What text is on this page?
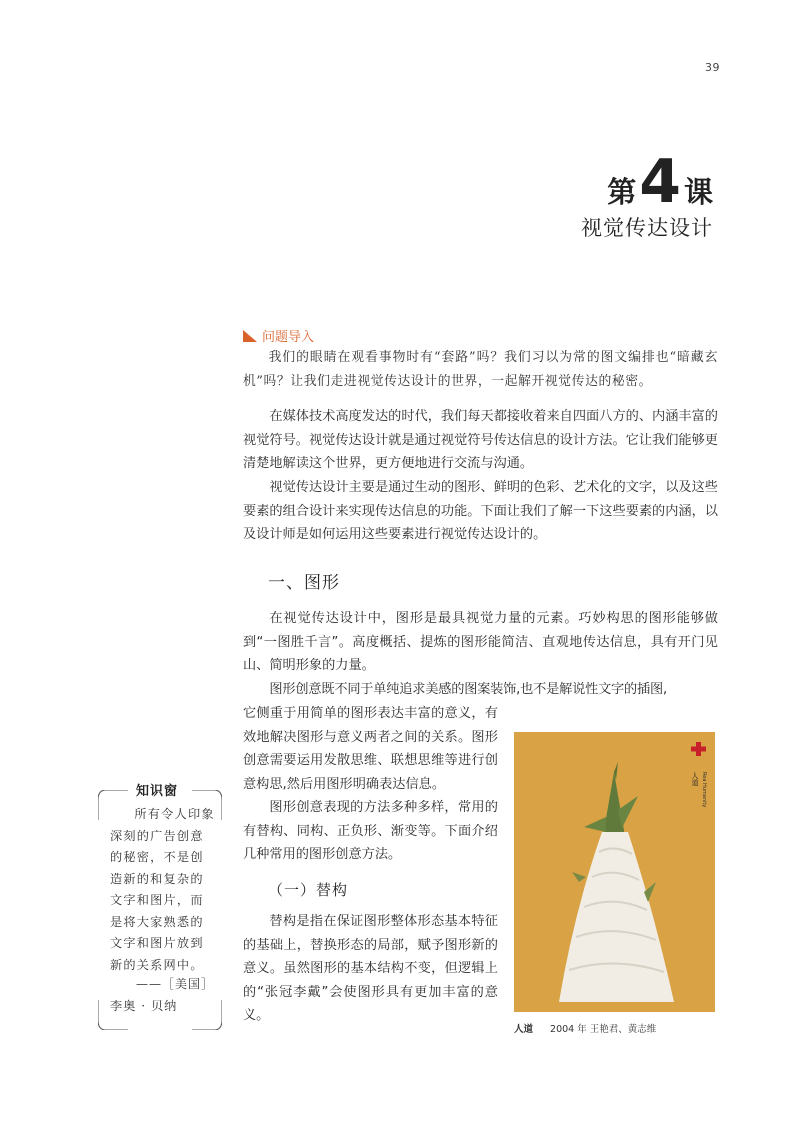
39
第 4 课
视觉传达设计
问题导入

我们的眼睛在观看事物时有“套路”吗？我们习以为常的图文编排也“暗藏玄机”吗？让我们走进视觉传达设计的世界，一起解开视觉传达的秘密。

在媒体技术高度发达的时代，我们每天都接收着来自四面八方的、内涵丰富的视觉符号。视觉传达设计就是通过视觉符号传达信息的设计方法。它让我们能够更清楚地解读这个世界，更方便地进行交流与沟通。

视觉传达设计主要是通过生动的图形、鲜明的色彩、艺术化的文字，以及这些要素的组合设计来实现传达信息的功能。下面让我们了解一下这些要素的内涵，以及设计师是如何运用这些要素进行视觉传达设计的。

一、图形

在视觉传达设计中，图形是最具视觉力量的元素。巧妙构思的图形能够做到“一图胜千言”。高度概括、提炼的图形能简洁、直观地传达信息，具有开门见山、简明形象的力量。

图形创意既不同于单纯追求美感的图案装饰,也不是解说性文字的插图,

它侧重于用简单的图形表达丰富的意义，有效地解决图形与意义两者之间的关系。图形创意需要运用发散思维、联想思维等进行创意构思,然后用图形明确表达信息。

图形创意表现的方法多种多样，常用的有替构、同构、正负形、渐变等。下面介绍几种常用的图形创意方法。

（一）替构

替构是指在保证图形整体形态基本特征的基础上，替换形态的局部，赋予图形新的意义。虽然图形的基本结构不变，但逻辑上的“张冠李戴”会使图形具有更加丰富的意义。

人道 Rea Humanity
人道 2004 年 王艳君、黄志维
知识窗

所有令人印象深刻的广告创意的秘密，不是创造新的和复杂的文字和图片，而是将大家熟悉的文字和图片放到新的关系网中。

——［美国］
李奥 · 贝纳
